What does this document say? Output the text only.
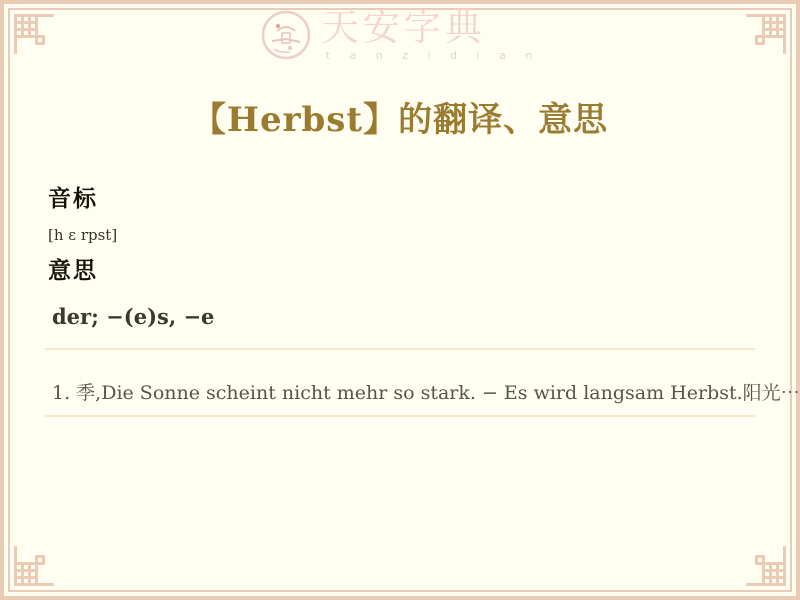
天安字典
t a n z i d i a n
【Herbst】的翻译、意思
音标
[h ɛ rpst]
意思
der; −(e)s, −e
1. 季,Die Sonne scheint nicht mehr so stark. − Es wird langsam Herbst.阳光⋯
